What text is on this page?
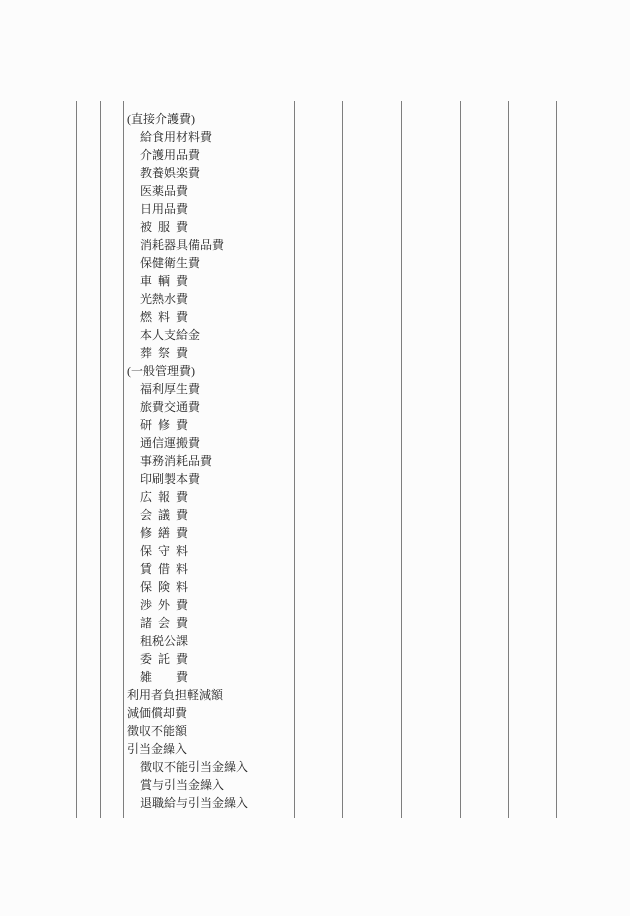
(直接介護費)
給食用材料費
介護用品費
教養娯楽費
医薬品費
日用品費
被 服 費
消耗器具備品費
保健衛生費
車 輌 費
光熱水費
燃 料 費
本人支給金
葬 祭 費
(一般管理費)
福利厚生費
旅費交通費
研 修 費
通信運搬費
事務消耗品費
印刷製本費
広 報 費
会 議 費
修 繕 費
保 守 料
賃 借 料
保 険 料
渉 外 費
諸 会 費
租税公課
委 託 費
雑 費
利用者負担軽減額
減価償却費
徴収不能額
引当金繰入
徴収不能引当金繰入
賞与引当金繰入
退職給与引当金繰入
